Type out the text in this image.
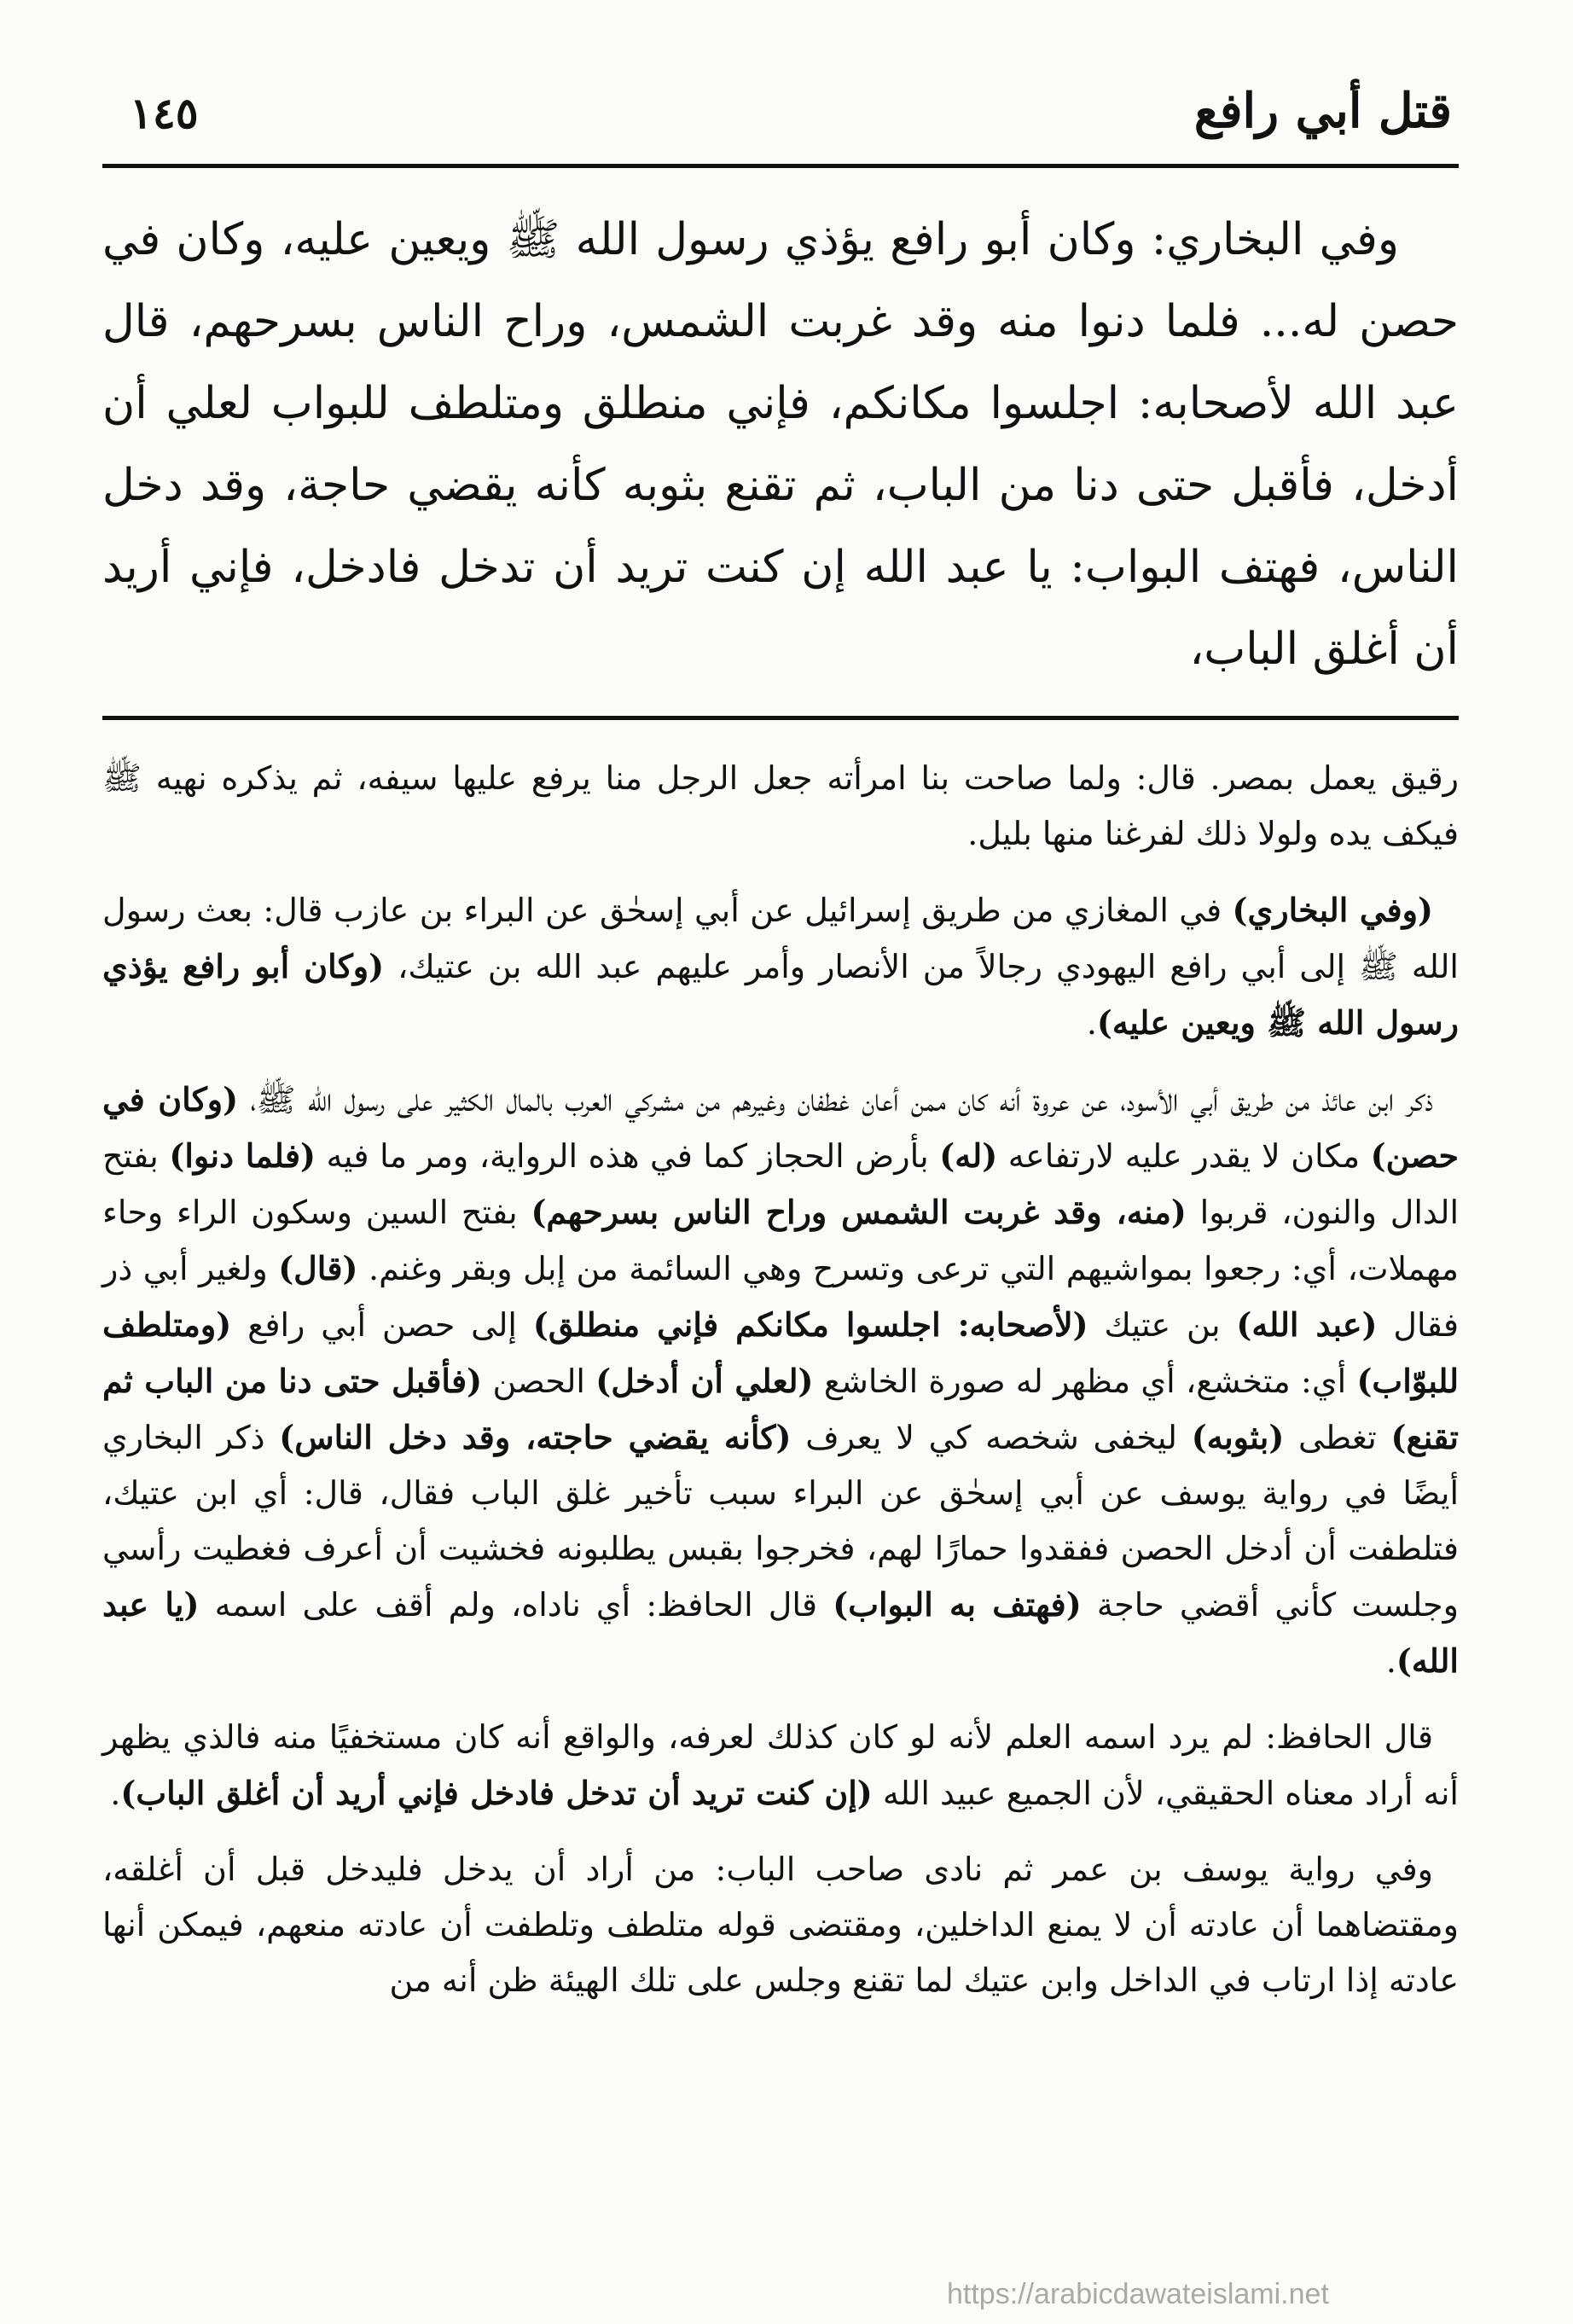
قتل أبي رافع
١٤٥

وفي البخاري: وكان أبو رافع يؤذي رسول الله ﷺ ويعين عليه، وكان في حصن له... فلما دنوا منه وقد غربت الشمس، وراح الناس بسرحهم، قال عبد الله لأصحابه: اجلسوا مكانكم، فإني منطلق ومتلطف للبواب لعلي أن أدخل، فأقبل حتى دنا من الباب، ثم تقنع بثوبه كأنه يقضي حاجة، وقد دخل الناس، فهتف البواب: يا عبد الله إن كنت تريد أن تدخل فادخل، فإني أريد أن أغلق الباب،

رقيق يعمل بمصر. قال: ولما صاحت بنا امرأته جعل الرجل منا يرفع عليها سيفه، ثم يذكره نهيه ﷺ فيكف يده ولولا ذلك لفرغنا منها بليل.

(وفي البخاري) في المغازي من طريق إسرائيل عن أبي إسحٰق عن البراء بن عازب قال: بعث رسول الله ﷺ إلى أبي رافع اليهودي رجالاً من الأنصار وأمر عليهم عبد الله بن عتيك، (وكان أبو رافع يؤذي رسول الله ﷺ ويعين عليه).

ذكر ابن عائذ من طريق أبي الأسود، عن عروة أنه كان ممن أعان غطفان وغيرهم من مشركي العرب بالمال الكثير على رسول الله ﷺ، (وكان في حصن) مكان لا يقدر عليه لارتفاعه (له) بأرض الحجاز كما في هذه الرواية، ومر ما فيه (فلما دنوا) بفتح الدال والنون، قربوا (منه، وقد غربت الشمس وراح الناس بسرحهم) بفتح السين وسكون الراء وحاء مهملات، أي: رجعوا بمواشيهم التي ترعى وتسرح وهي السائمة من إبل وبقر وغنم. (قال) ولغير أبي ذر فقال (عبد الله) بن عتيك (لأصحابه: اجلسوا مكانكم فإني منطلق) إلى حصن أبي رافع (ومتلطف للبوّاب) أي: متخشع، أي مظهر له صورة الخاشع (لعلي أن أدخل) الحصن (فأقبل حتى دنا من الباب ثم تقنع) تغطى (بثوبه) ليخفى شخصه كي لا يعرف (كأنه يقضي حاجته، وقد دخل الناس) ذكر البخاري أيضًا في رواية يوسف عن أبي إسحٰق عن البراء سبب تأخير غلق الباب فقال، قال: أي ابن عتيك، فتلطفت أن أدخل الحصن ففقدوا حمارًا لهم، فخرجوا بقبس يطلبونه فخشيت أن أعرف فغطيت رأسي وجلست كأني أقضي حاجة (فهتف به البواب) قال الحافظ: أي ناداه، ولم أقف على اسمه (يا عبد الله).

قال الحافظ: لم يرد اسمه العلم لأنه لو كان كذلك لعرفه، والواقع أنه كان مستخفيًا منه فالذي يظهر أنه أراد معناه الحقيقي، لأن الجميع عبيد الله (إن كنت تريد أن تدخل فادخل فإني أريد أن أغلق الباب).

وفي رواية يوسف بن عمر ثم نادى صاحب الباب: من أراد أن يدخل فليدخل قبل أن أغلقه، ومقتضاهما أن عادته أن لا يمنع الداخلين، ومقتضى قوله متلطف وتلطفت أن عادته منعهم، فيمكن أنها عادته إذا ارتاب في الداخل وابن عتيك لما تقنع وجلس على تلك الهيئة ظن أنه من

https://arabicdawateislami.net
